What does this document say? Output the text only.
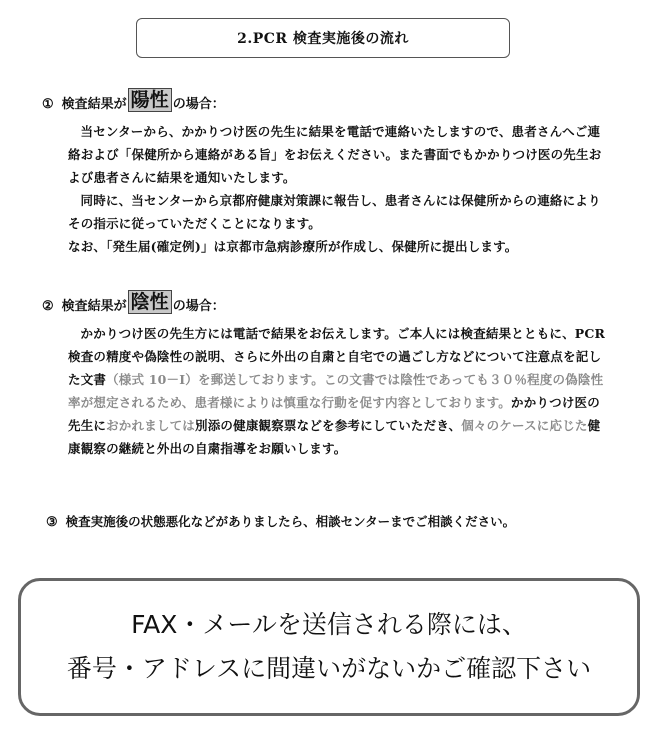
2.PCR 検査実施後の流れ
① 検査結果が 陽性 の場合：

当センターから、かかりつけ医の先生に結果を電話で連絡いたしますので、患者さんへご連絡および「保健所から連絡がある旨」をお伝えください。また書面でもかかりつけ医の先生および患者さんに結果を通知いたします。

同時に、当センターから京都府健康対策課に報告し、患者さんには保健所からの連絡によりその指示に従っていただくことになります。

なお、「発生届(確定例)」は京都市急病診療所が作成し、保健所に提出します。

② 検査結果が 陰性 の場合：

かかりつけ医の先生方には電話で結果をお伝えします。ご本人には検査結果とともに、PCR 検査の精度や偽陰性の説明、さらに外出の自粛と自宅での過ごし方などについて注意点を記した文書（様式 10－Ⅰ）を郵送しております。この文書では陰性であっても３０％程度の偽陰性率が想定されるため、患者様によりは慎重な行動を促す内容としております。かかりつけ医の先生におかれましては別添の健康観察票などを参考にしていただき、個々のケースに応じた健康観察の継続と外出の自粛指導をお願いします。

③ 検査実施後の状態悪化などがありましたら、相談センターまでご相談ください。
FAX・メールを送信される際には、
番号・アドレスに間違いがないかご確認下さい
